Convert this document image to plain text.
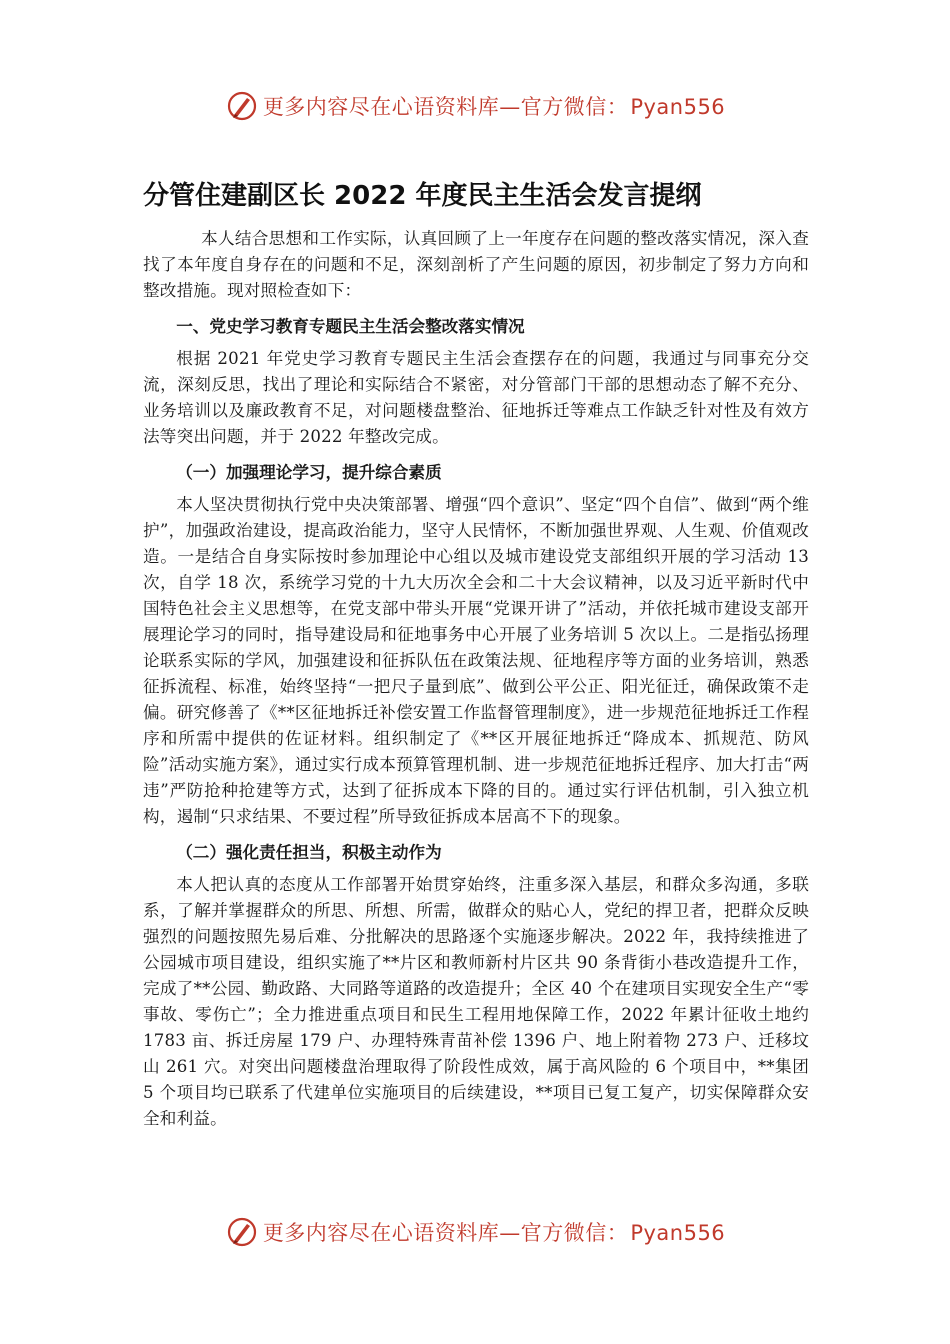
更多内容尽在心语资料库—官方微信：Pyan556
分管住建副区长 2022 年度民主生活会发言提纲

本人结合思想和工作实际，认真回顾了上一年度存在问题的整改落实情况，深入查找了本年度自身存在的问题和不足，深刻剖析了产生问题的原因，初步制定了努力方向和整改措施。现对照检查如下：

一、党史学习教育专题民主生活会整改落实情况

根据 2021 年党史学习教育专题民主生活会查摆存在的问题，我通过与同事充分交流，深刻反思，找出了理论和实际结合不紧密，对分管部门干部的思想动态了解不充分、业务培训以及廉政教育不足，对问题楼盘整治、征地拆迁等难点工作缺乏针对性及有效方法等突出问题，并于 2022 年整改完成。

（一）加强理论学习，提升综合素质

本人坚决贯彻执行党中央决策部署、增强“四个意识”、坚定“四个自信”、做到“两个维护”，加强政治建设，提高政治能力，坚守人民情怀，不断加强世界观、人生观、价值观改造。一是结合自身实际按时参加理论中心组以及城市建设党支部组织开展的学习活动 13 次，自学 18 次，系统学习党的十九大历次全会和二十大会议精神，以及习近平新时代中国特色社会主义思想等，在党支部中带头开展“党课开讲了”活动，并依托城市建设支部开展理论学习的同时，指导建设局和征地事务中心开展了业务培训 5 次以上。二是指弘扬理论联系实际的学风，加强建设和征拆队伍在政策法规、征地程序等方面的业务培训，熟悉征拆流程、标准，始终坚持“一把尺子量到底”、做到公平公正、阳光征迁，确保政策不走偏。研究修善了《**区征地拆迁补偿安置工作监督管理制度》，进一步规范征地拆迁工作程序和所需中提供的佐证材料。组织制定了《**区开展征地拆迁“降成本、抓规范、防风险”活动实施方案》，通过实行成本预算管理机制、进一步规范征地拆迁程序、加大打击“两违”严防抢种抢建等方式，达到了征拆成本下降的目的。通过实行评估机制，引入独立机构，遏制“只求结果、不要过程”所导致征拆成本居高不下的现象。

（二）强化责任担当，积极主动作为

本人把认真的态度从工作部署开始贯穿始终，注重多深入基层，和群众多沟通，多联系，了解并掌握群众的所思、所想、所需，做群众的贴心人，党纪的捍卫者，把群众反映强烈的问题按照先易后难、分批解决的思路逐个实施逐步解决。2022 年，我持续推进了公园城市项目建设，组织实施了**片区和教师新村片区共 90 条背街小巷改造提升工作，完成了**公园、勤政路、大同路等道路的改造提升；全区 40 个在建项目实现安全生产“零事故、零伤亡”；全力推进重点项目和民生工程用地保障工作，2022 年累计征收土地约 1783 亩、拆迁房屋 179 户、办理特殊青苗补偿 1396 户、地上附着物 273 户、迁移坟山 261 穴。对突出问题楼盘治理取得了阶段性成效，属于高风险的 6 个项目中，**集团 5 个项目均已联系了代建单位实施项目的后续建设，**项目已复工复产，切实保障群众安全和利益。

更多内容尽在心语资料库—官方微信：Pyan556
